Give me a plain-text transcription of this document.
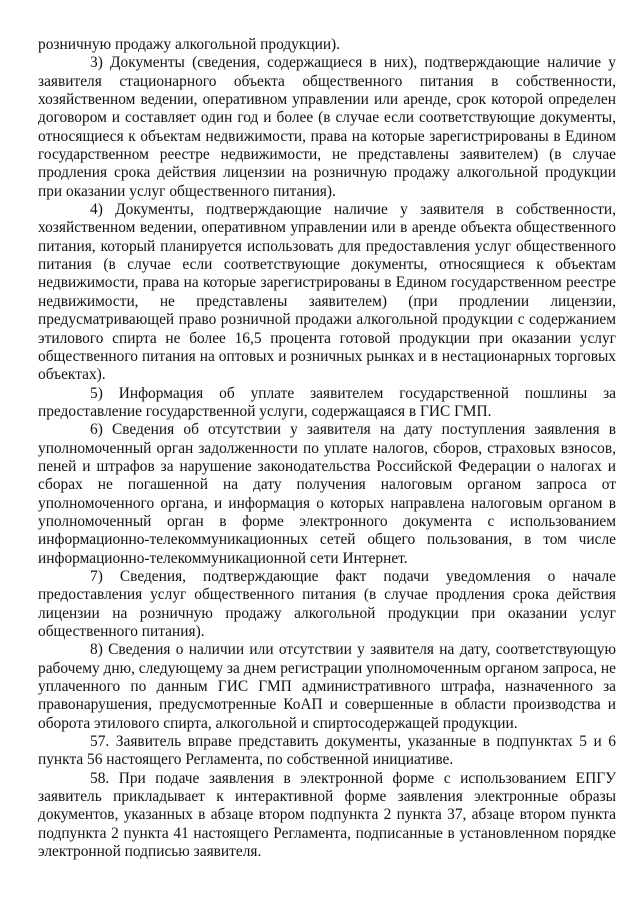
розничную продажу алкогольной продукции).

3) Документы (сведения, содержащиеся в них), подтверждающие наличие у заявителя стационарного объекта общественного питания в собственности, хозяйственном ведении, оперативном управлении или аренде, срок которой определен договором и составляет один год и более (в случае если соответствующие документы, относящиеся к объектам недвижимости, права на которые зарегистрированы в Едином государственном реестре недвижимости, не представлены заявителем) (в случае продления срока действия лицензии на розничную продажу алкогольной продукции при оказании услуг общественного питания).

4) Документы, подтверждающие наличие у заявителя в собственности, хозяйственном ведении, оперативном управлении или в аренде объекта общественного питания, который планируется использовать для предоставления услуг общественного питания (в случае если соответствующие документы, относящиеся к объектам недвижимости, права на которые зарегистрированы в Едином государственном реестре недвижимости, не представлены заявителем) (при продлении лицензии, предусматривающей право розничной продажи алкогольной продукции с содержанием этилового спирта не более 16,5 процента готовой продукции при оказании услуг общественного питания на оптовых и розничных рынках и в нестационарных торговых объектах).

5) Информация об уплате заявителем государственной пошлины за предоставление государственной услуги, содержащаяся в ГИС ГМП.

6) Сведения об отсутствии у заявителя на дату поступления заявления в уполномоченный орган задолженности по уплате налогов, сборов, страховых взносов, пеней и штрафов за нарушение законодательства Российской Федерации о налогах и сборах не погашенной на дату получения налоговым органом запроса от уполномоченного органа, и информация о которых направлена налоговым органом в уполномоченный орган в форме электронного документа с использованием информационно-телекоммуникационных сетей общего пользования, в том числе информационно-телекоммуникационной сети Интернет.

7) Сведения, подтверждающие факт подачи уведомления о начале предоставления услуг общественного питания (в случае продления срока действия лицензии на розничную продажу алкогольной продукции при оказании услуг общественного питания).

8) Сведения о наличии или отсутствии у заявителя на дату, соответствующую рабочему дню, следующему за днем регистрации уполномоченным органом запроса, не уплаченного по данным ГИС ГМП административного штрафа, назначенного за правонарушения, предусмотренные КоАП и совершенные в области производства и оборота этилового спирта, алкогольной и спиртосодержащей продукции.

57. Заявитель вправе представить документы, указанные в подпунктах 5 и 6 пункта 56 настоящего Регламента, по собственной инициативе.

58. При подаче заявления в электронной форме с использованием ЕПГУ заявитель прикладывает к интерактивной форме заявления электронные образы документов, указанных в абзаце втором подпункта 2 пункта 37, абзаце втором пункта подпункта 2 пункта 41 настоящего Регламента, подписанные в установленном порядке электронной подписью заявителя.
